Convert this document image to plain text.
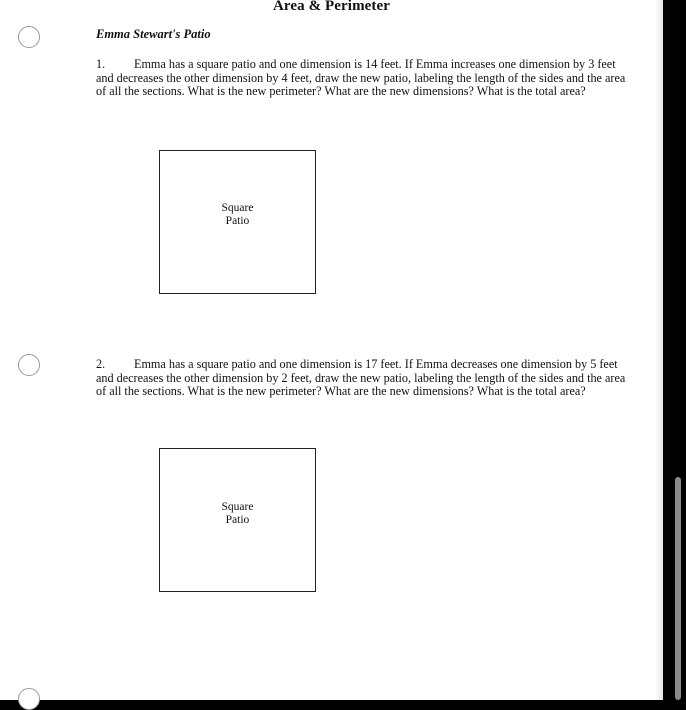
Area & Perimeter
Emma Stewart's Patio

1. Emma has a square patio and one dimension is 14 feet. If Emma increases one dimension by 3 feet and decreases the other dimension by 4 feet, draw the new patio, labeling the length of the sides and the area of all the sections. What is the new perimeter? What are the new dimensions? What is the total area?

Square
Patio

2. Emma has a square patio and one dimension is 17 feet. If Emma decreases one dimension by 5 feet and decreases the other dimension by 2 feet, draw the new patio, labeling the length of the sides and the area of all the sections. What is the new perimeter? What are the new dimensions? What is the total area?

Square
Patio
